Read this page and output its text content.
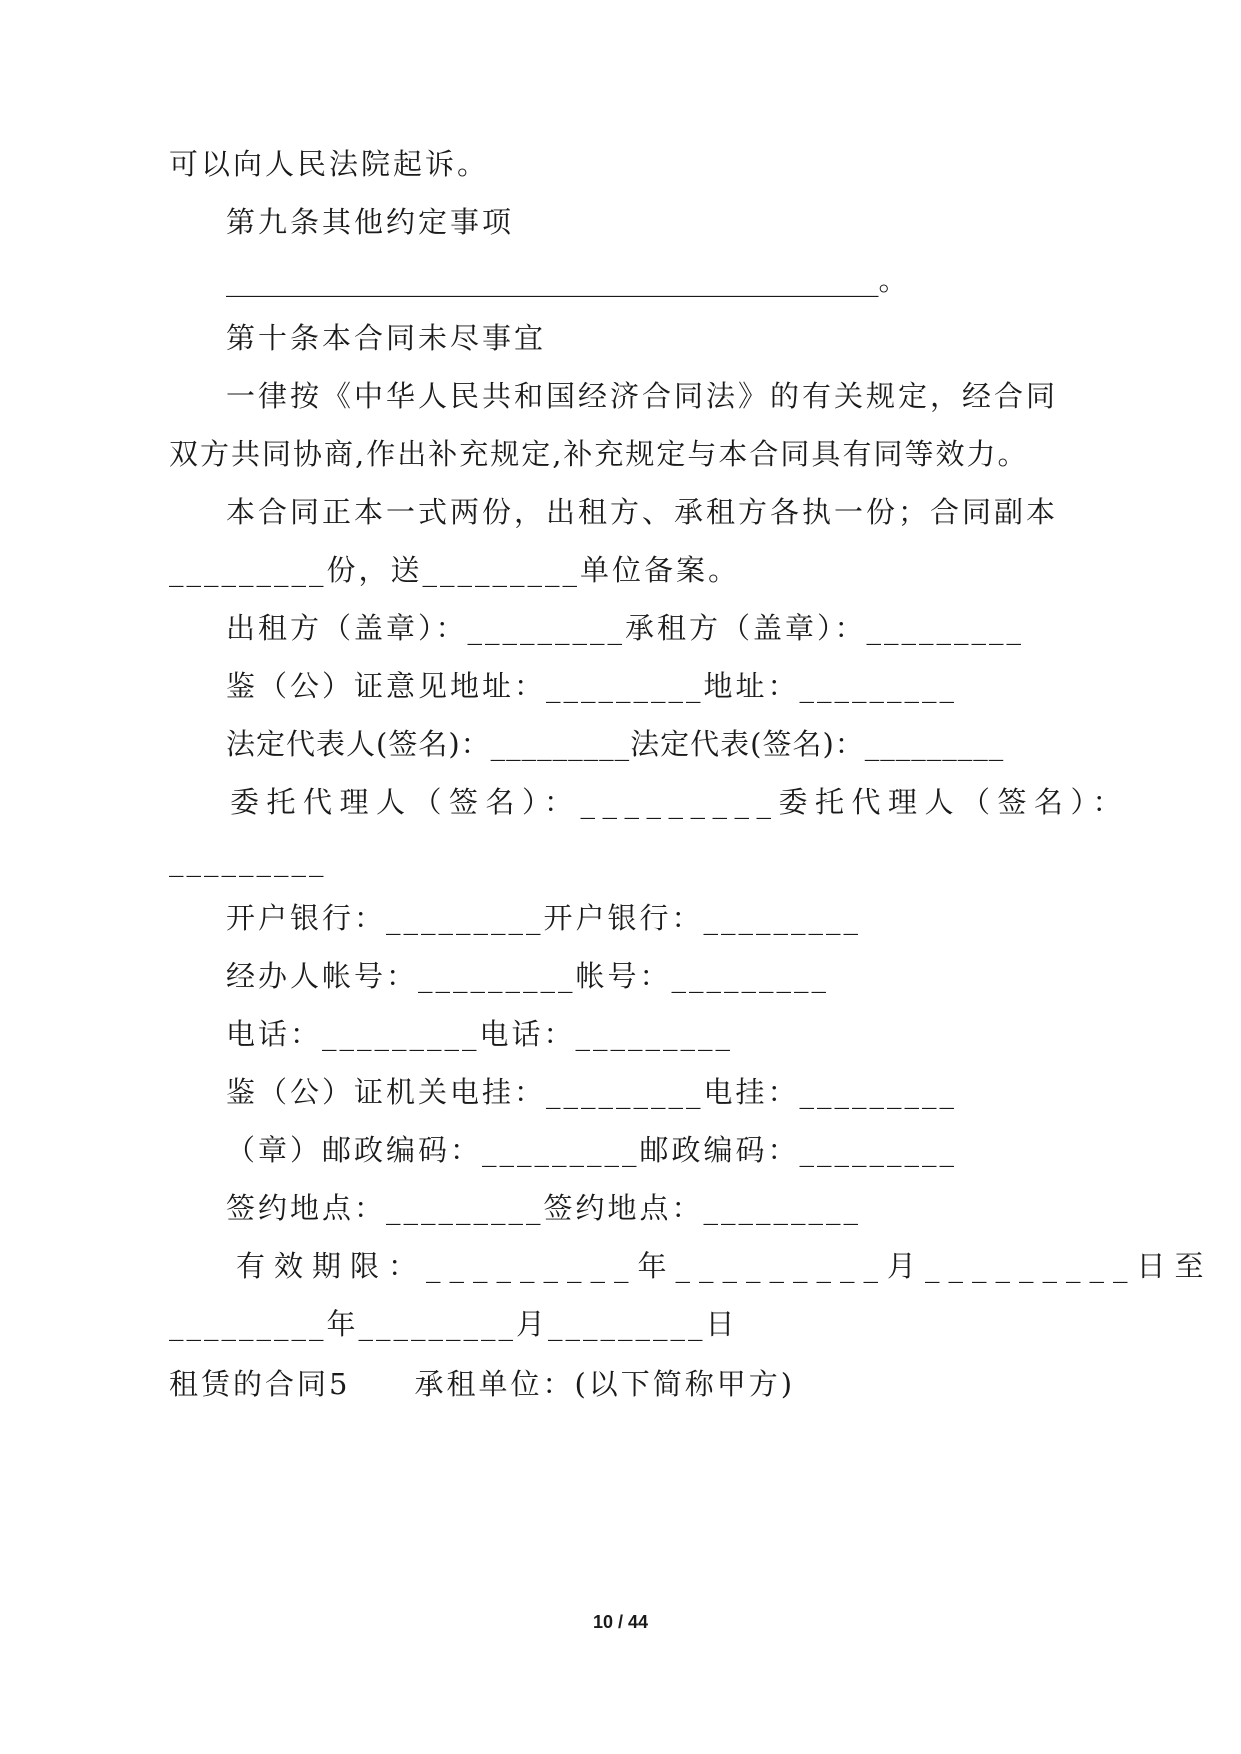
可以向人民法院起诉。
第九条其他约定事项
_____________________________________________。
第十条本合同未尽事宜
一律按《中华人民共和国经济合同法》的有关规定，经合同
双方共同协商,作出补充规定,补充规定与本合同具有同等效力。
本合同正本一式两份，出租方、承租方各执一份；合同副本
_________份，送_________单位备案。
出租方（盖章）：_________承租方（盖章）：_________
鉴（公）证意见地址：_________地址：_________
法定代表人(签名)：_________法定代表(签名)：_________
委托代理人（签名）：_________委托代理人（签名）：
_________
开户银行：_________开户银行：_________
经办人帐号：_________帐号：_________
电话：_________电话：_________
鉴（公）证机关电挂：_________电挂：_________
（章）邮政编码：_________邮政编码：_________
签约地点：_________签约地点：_________
有效期限：_________年_________月_________日至
_________年_________月_________日
租赁的合同5　　承租单位：(以下简称甲方)
10 / 44
